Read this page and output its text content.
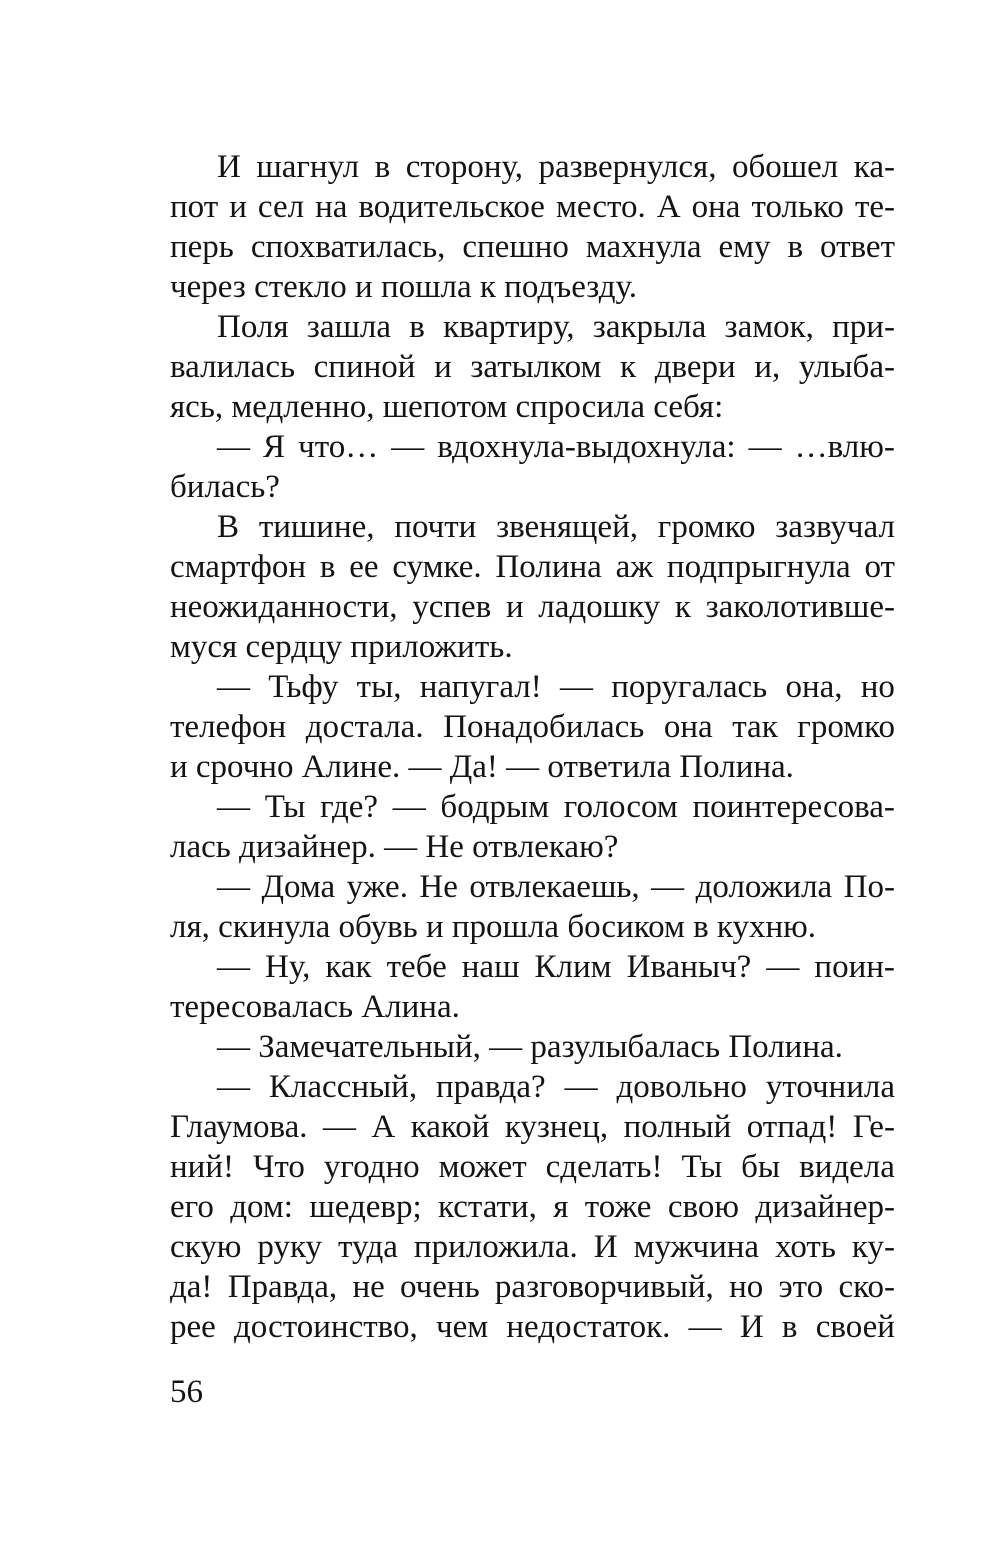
И шагнул в сторону, развернулся, обошел ка-
пот и сел на водительское место. А она только те-
перь спохватилась, спешно махнула ему в ответ
через стекло и пошла к подъезду.
Поля зашла в квартиру, закрыла замок, при-
валилась спиной и затылком к двери и, улыба-
ясь, медленно, шепотом спросила себя:
— Я что… — вдохнула-выдохнула: — …влю-
билась?
В тишине, почти звенящей, громко зазвучал
смартфон в ее сумке. Полина аж подпрыгнула от
неожиданности, успев и ладошку к заколотивше-
муся сердцу приложить.
— Тьфу ты, напугал! — поругалась она, но
телефон достала. Понадобилась она так громко
и срочно Алине. — Да! — ответила Полина.
— Ты где? — бодрым голосом поинтересова-
лась дизайнер. — Не отвлекаю?
— Дома уже. Не отвлекаешь, — доложила По-
ля, скинула обувь и прошла босиком в кухню.
— Ну, как тебе наш Клим Иваныч? — поин-
тересовалась Алина.
— Замечательный, — разулыбалась Полина.
— Классный, правда? — довольно уточнила
Глаумова. — А какой кузнец, полный отпад! Ге-
ний! Что угодно может сделать! Ты бы видела
его дом: шедевр; кстати, я тоже свою дизайнер-
скую руку туда приложила. И мужчина хоть ку-
да! Правда, не очень разговорчивый, но это ско-
рее достоинство, чем недостаток. — И в своей
56
